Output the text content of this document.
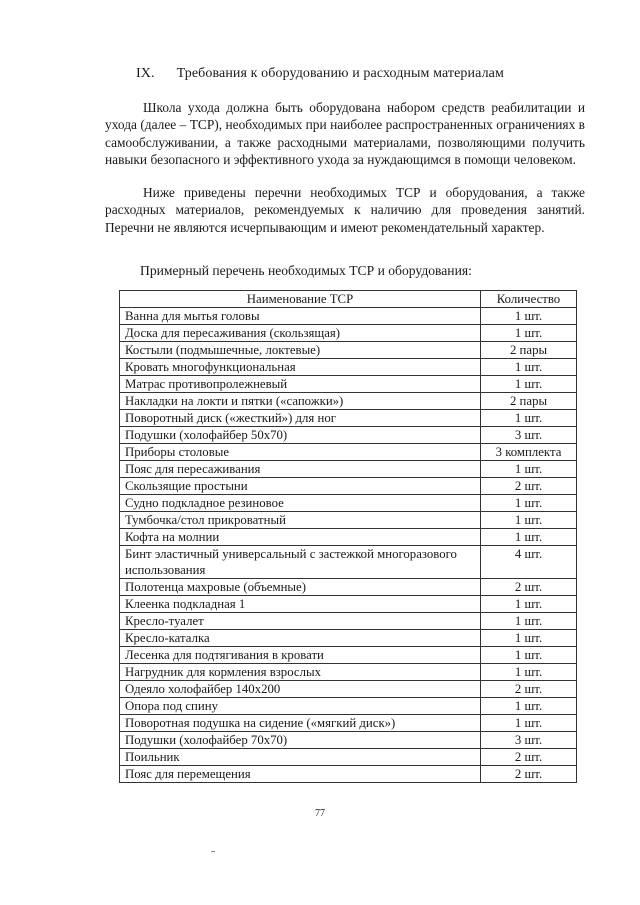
IX. Требования к оборудованию и расходным материалам

Школа ухода должна быть оборудована набором средств реабилитации и ухода (далее – ТСР), необходимых при наиболее распространенных ограничениях в самообслуживании, а также расходными материалами, позволяющими получить навыки безопасного и эффективного ухода за нуждающимся в помощи человеком.

Ниже приведены перечни необходимых ТСР и оборудования, а также расходных материалов, рекомендуемых к наличию для проведения занятий. Перечни не являются исчерпывающим и имеют рекомендательный характер.

Примерный перечень необходимых ТСР и оборудования:

Наименование ТСР	Количество
Ванна для мытья головы	1 шт.
Доска для пересаживания (скользящая)	1 шт.
Костыли (подмышечные, локтевые)	2 пары
Кровать многофункциональная	1 шт.
Матрас противопролежневый	1 шт.
Накладки на локти и пятки («сапожки»)	2 пары
Поворотный диск («жесткий») для ног	1 шт.
Подушки (холофайбер 50х70)	3 шт.
Приборы столовые	3 комплекта
Пояс для пересаживания	1 шт.
Скользящие простыни	2 шт.
Судно подкладное резиновое	1 шт.
Тумбочка/стол прикроватный	1 шт.
Кофта на молнии	1 шт.
Бинт эластичный универсальный с застежкой многоразового использования	4 шт.
Полотенца махровые (объемные)	2 шт.
Клеенка подкладная 1	1 шт.
Кресло-туалет	1 шт.
Кресло-каталка	1 шт.
Лесенка для подтягивания в кровати	1 шт.
Нагрудник для кормления взрослых	1 шт.
Одеяло холофайбер 140х200	2 шт.
Опора под спину	1 шт.
Поворотная подушка на сидение («мягкий диск»)	1 шт.
Подушки (холофайбер 70х70)	3 шт.
Поильник	2 шт.
Пояс для перемещения	2 шт.
77
